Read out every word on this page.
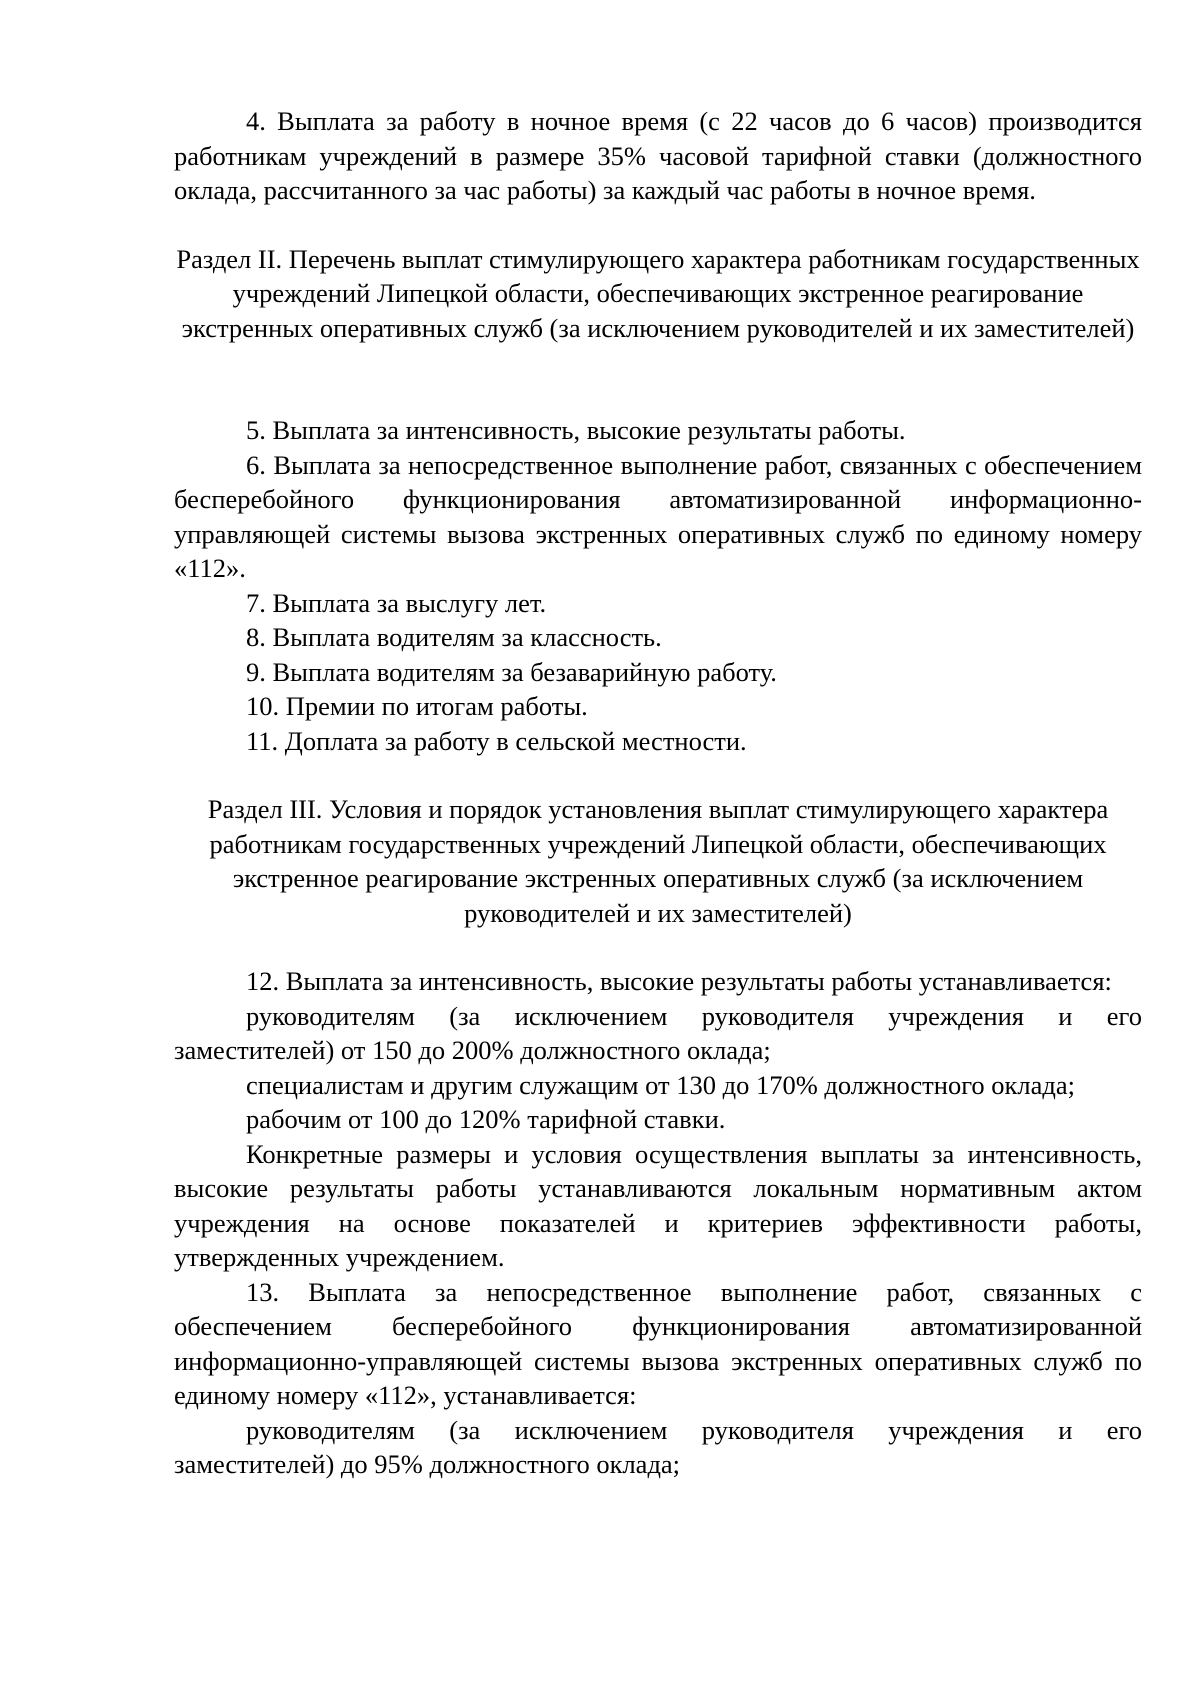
4. Выплата за работу в ночное время (с 22 часов до 6 часов) производится работникам учреждений в размере 35% часовой тарифной ставки (должностного оклада, рассчитанного за час работы) за каждый час работы в ночное время.

Раздел II. Перечень выплат стимулирующего характера работникам государственных учреждений Липецкой области, обеспечивающих экстренное реагирование экстренных оперативных служб (за исключением руководителей и их заместителей)

5. Выплата за интенсивность, высокие результаты работы.

6. Выплата за непосредственное выполнение работ, связанных с обеспечением бесперебойного функционирования автоматизированной информационно-управляющей системы вызова экстренных оперативных служб по единому номеру «112».

7. Выплата за выслугу лет.

8. Выплата водителям за классность.

9. Выплата водителям за безаварийную работу.

10. Премии по итогам работы.

11. Доплата за работу в сельской местности.

Раздел III. Условия и порядок установления выплат стимулирующего характера работникам государственных учреждений Липецкой области, обеспечивающих экстренное реагирование экстренных оперативных служб (за исключением руководителей и их заместителей)

12. Выплата за интенсивность, высокие результаты работы устанавливается:

руководителям (за исключением руководителя учреждения и его заместителей) от 150 до 200% должностного оклада;

специалистам и другим служащим от 130 до 170% должностного оклада;

рабочим от 100 до 120% тарифной ставки.

Конкретные размеры и условия осуществления выплаты за интенсивность, высокие результаты работы устанавливаются локальным нормативным актом учреждения на основе показателей и критериев эффективности работы, утвержденных учреждением.

13. Выплата за непосредственное выполнение работ, связанных с обеспечением бесперебойного функционирования автоматизированной информационно-управляющей системы вызова экстренных оперативных служб по единому номеру «112», устанавливается:

руководителям (за исключением руководителя учреждения и его заместителей) до 95% должностного оклада;
